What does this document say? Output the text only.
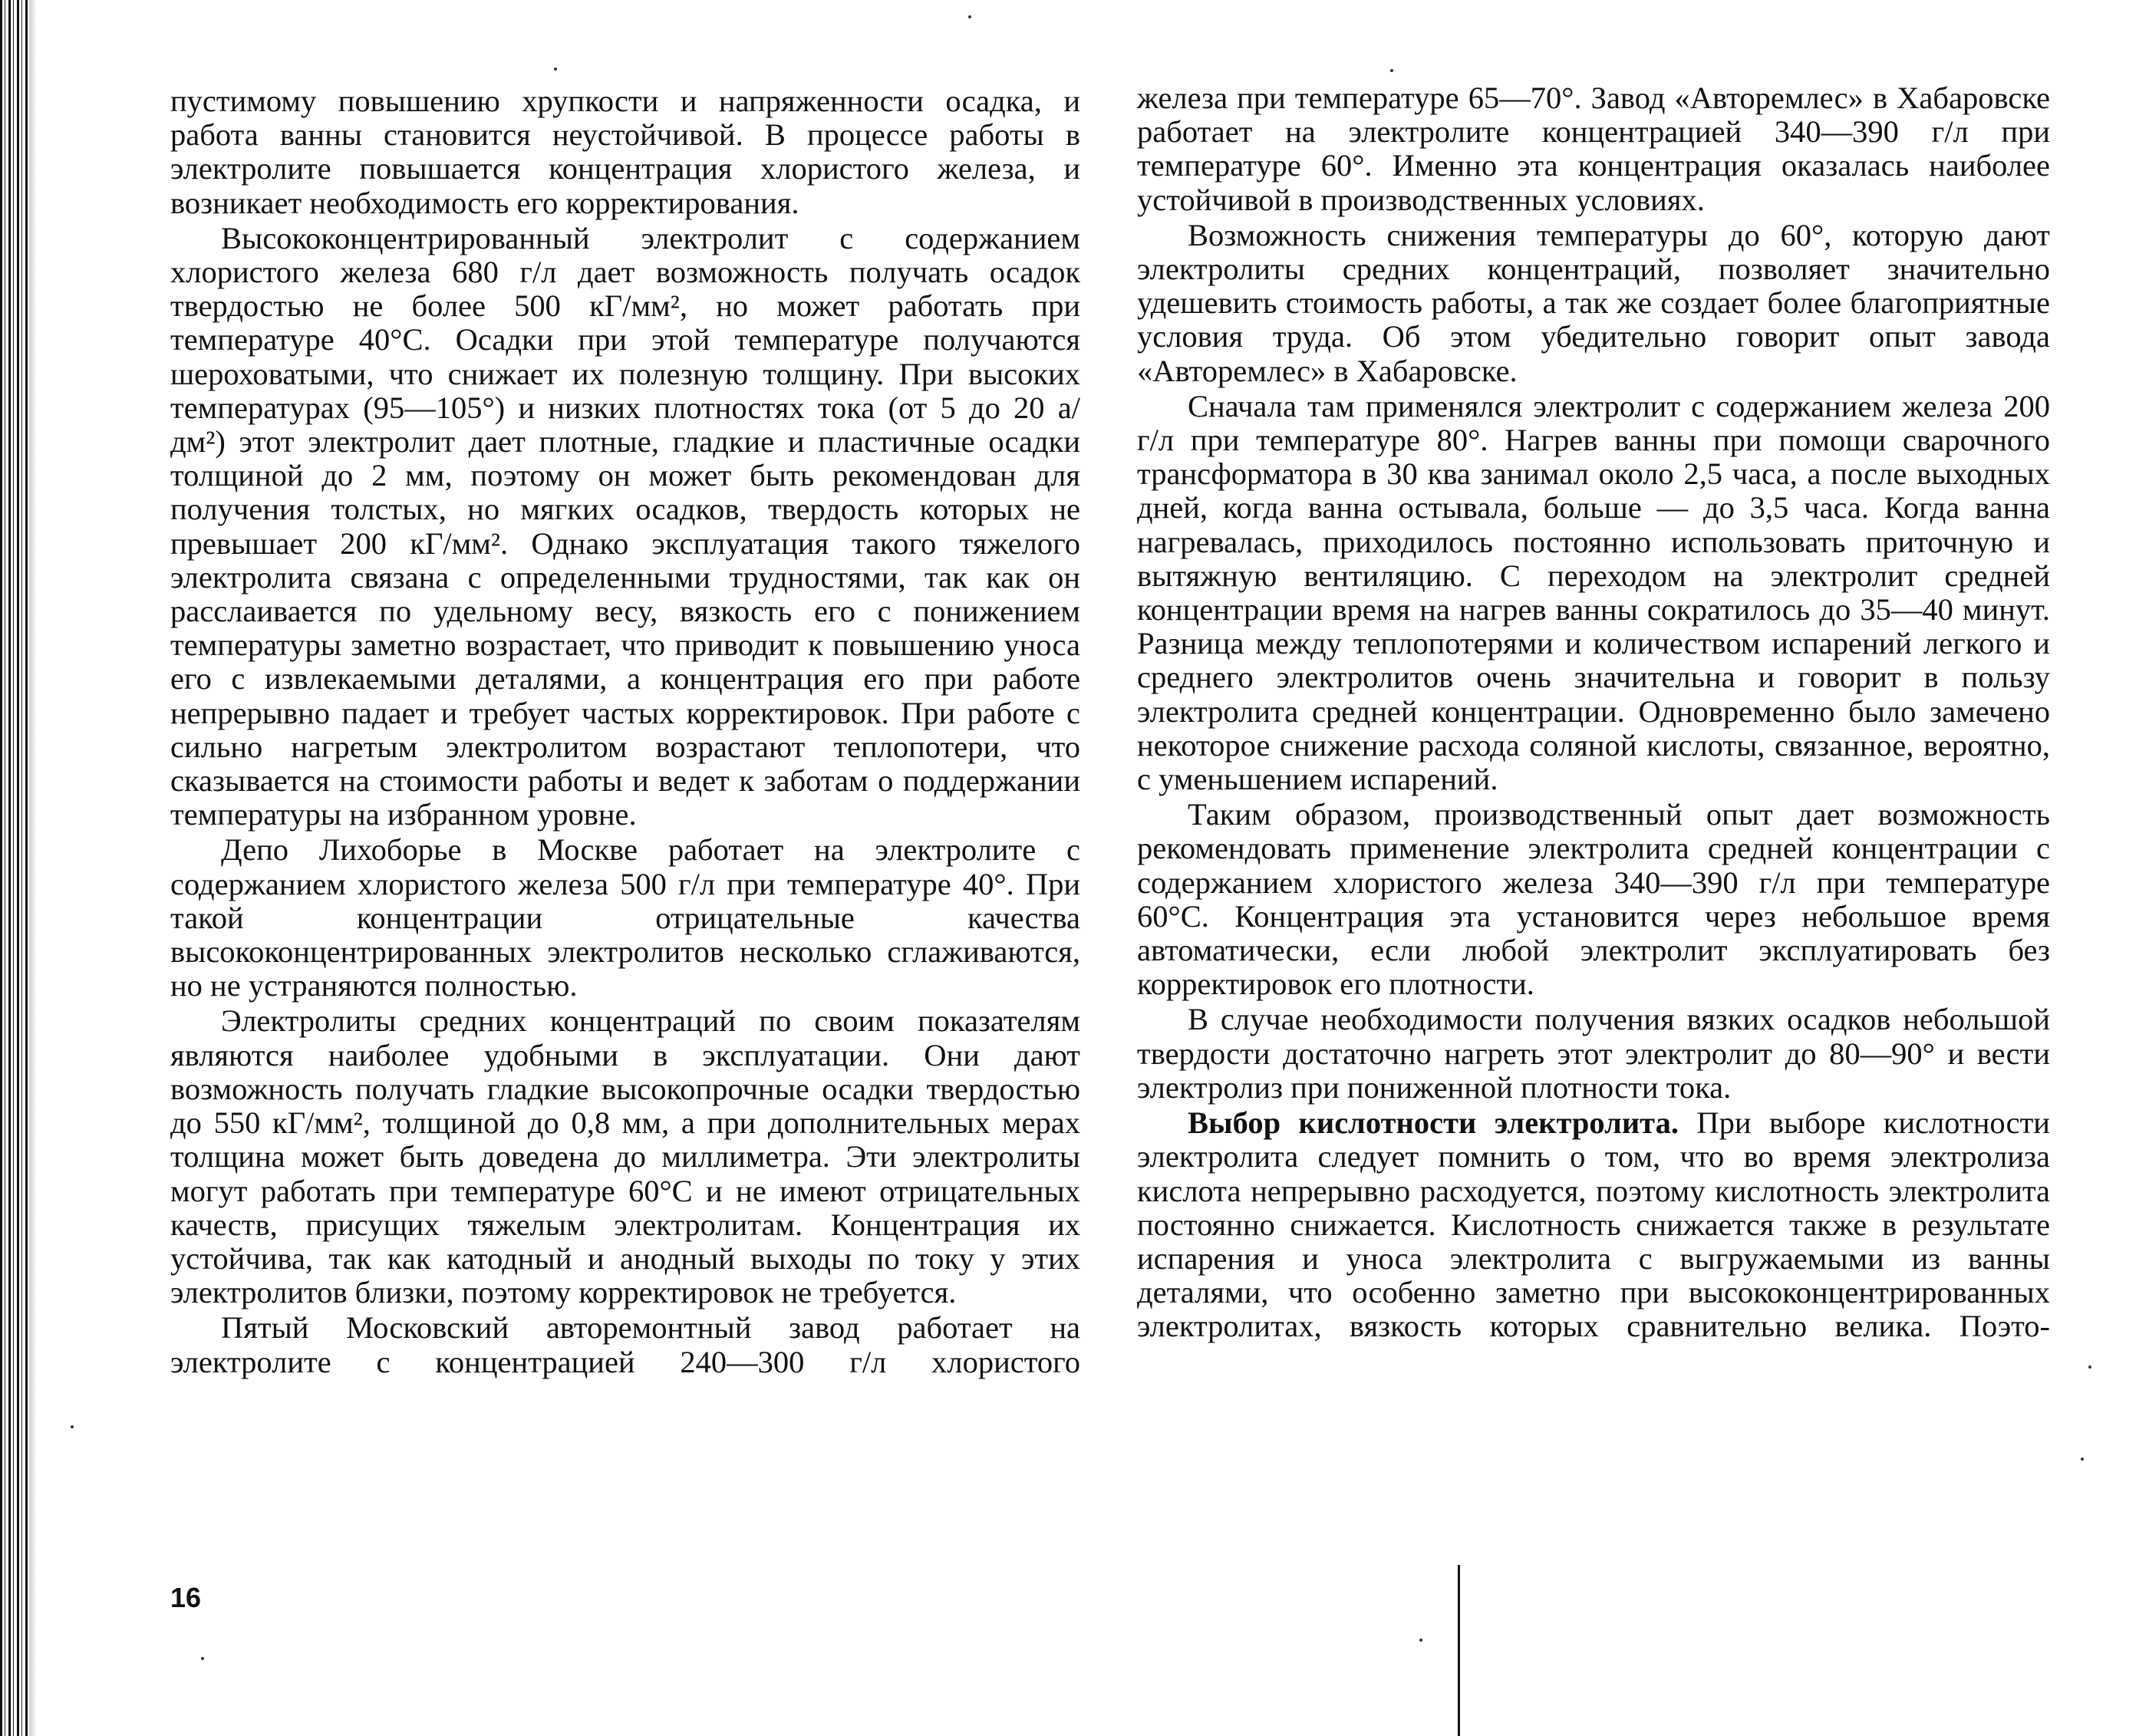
пустимому повышению хрупкости и напряженности осадка, и работа ванны становится неустойчивой. В процессе работы в электролите повышается концентрация хлористого железа, и возникает необходимость его корректирования.

Высококонцентрированный электролит с содержанием хлористого железа 680 г/л дает возможность получать осадок твердостью не более 500 кГ/мм², но может работать при температуре 40°С. Осадки при этой температуре получаются шероховатыми, что снижает их полезную толщину. При высоких температурах (95—105°) и низких плотностях тока (от 5 до 20 а/дм²) этот электролит дает плотные, гладкие и пластичные осадки толщиной до 2 мм, поэтому он может быть рекомендован для получения толстых, но мягких осадков, твердость которых не превышает 200 кГ/мм². Однако эксплуатация такого тяжелого электролита связана с определенными трудностями, так как он расслаивается по удельному весу, вязкость его с понижением температуры заметно возрастает, что приводит к повышению уноса его с извлекаемыми деталями, а концентрация его при работе непрерывно падает и требует частых корректировок. При работе с сильно нагретым электролитом возрастают теплопотери, что сказывается на стоимости работы и ведет к заботам о поддержании температуры на избранном уровне.

Депо Лихоборье в Москве работает на электролите с содержанием хлористого железа 500 г/л при температуре 40°. При такой концентрации отрицательные качества высококонцентрированных электролитов несколько сглаживаются, но не устраняются полностью.

Электролиты средних концентраций по своим показателям являются наиболее удобными в эксплуатации. Они дают возможность получать гладкие высокопрочные осадки твердостью до 550 кГ/мм², толщиной до 0,8 мм, а при дополнительных мерах толщина может быть доведена до миллиметра. Эти электролиты могут работать при температуре 60°С и не имеют отрицательных качеств, присущих тяжелым электролитам. Концентрация их устойчива, так как катодный и анодный выходы по току у этих электролитов близки, поэтому корректировок не требуется.

Пятый Московский авторемонтный завод работает на электролите с концентрацией 240—300 г/л хлористого

16

железа при температуре 65—70°. Завод «Авторемлес» в Хабаровске работает на электролите концентрацией 340—390 г/л при температуре 60°. Именно эта концентрация оказалась наиболее устойчивой в производственных условиях.

Возможность снижения температуры до 60°, которую дают электролиты средних концентраций, позволяет значительно удешевить стоимость работы, а так же создает более благоприятные условия труда. Об этом убедительно говорит опыт завода «Авторемлес» в Хабаровске.

Сначала там применялся электролит с содержанием железа 200 г/л при температуре 80°. Нагрев ванны при помощи сварочного трансформатора в 30 ква занимал около 2,5 часа, а после выходных дней, когда ванна остывала, больше — до 3,5 часа. Когда ванна нагревалась, приходилось постоянно использовать приточную и вытяжную вентиляцию. С переходом на электролит средней концентрации время на нагрев ванны сократилось до 35—40 минут. Разница между теплопотерями и количеством испарений легкого и среднего электролитов очень значительна и говорит в пользу электролита средней концентрации. Одновременно было замечено некоторое снижение расхода соляной кислоты, связанное, вероятно, с уменьшением испарений.

Таким образом, производственный опыт дает возможность рекомендовать применение электролита средней концентрации с содержанием хлористого железа 340—390 г/л при температуре 60°С. Концентрация эта установится через небольшое время автоматически, если любой электролит эксплуатировать без корректировок его плотности.

В случае необходимости получения вязких осадков небольшой твердости достаточно нагреть этот электролит до 80—90° и вести электролиз при пониженной плотности тока.

Выбор кислотности электролита. При выборе кислотности электролита следует помнить о том, что во время электролиза кислота непрерывно расходуется, поэтому кислотность электролита постоянно снижается. Кислотность снижается также в результате испарения и уноса электролита с выгружаемыми из ванны деталями, что особенно заметно при высококонцентрированных электролитах, вязкость которых сравнительно велика. Поэто-
